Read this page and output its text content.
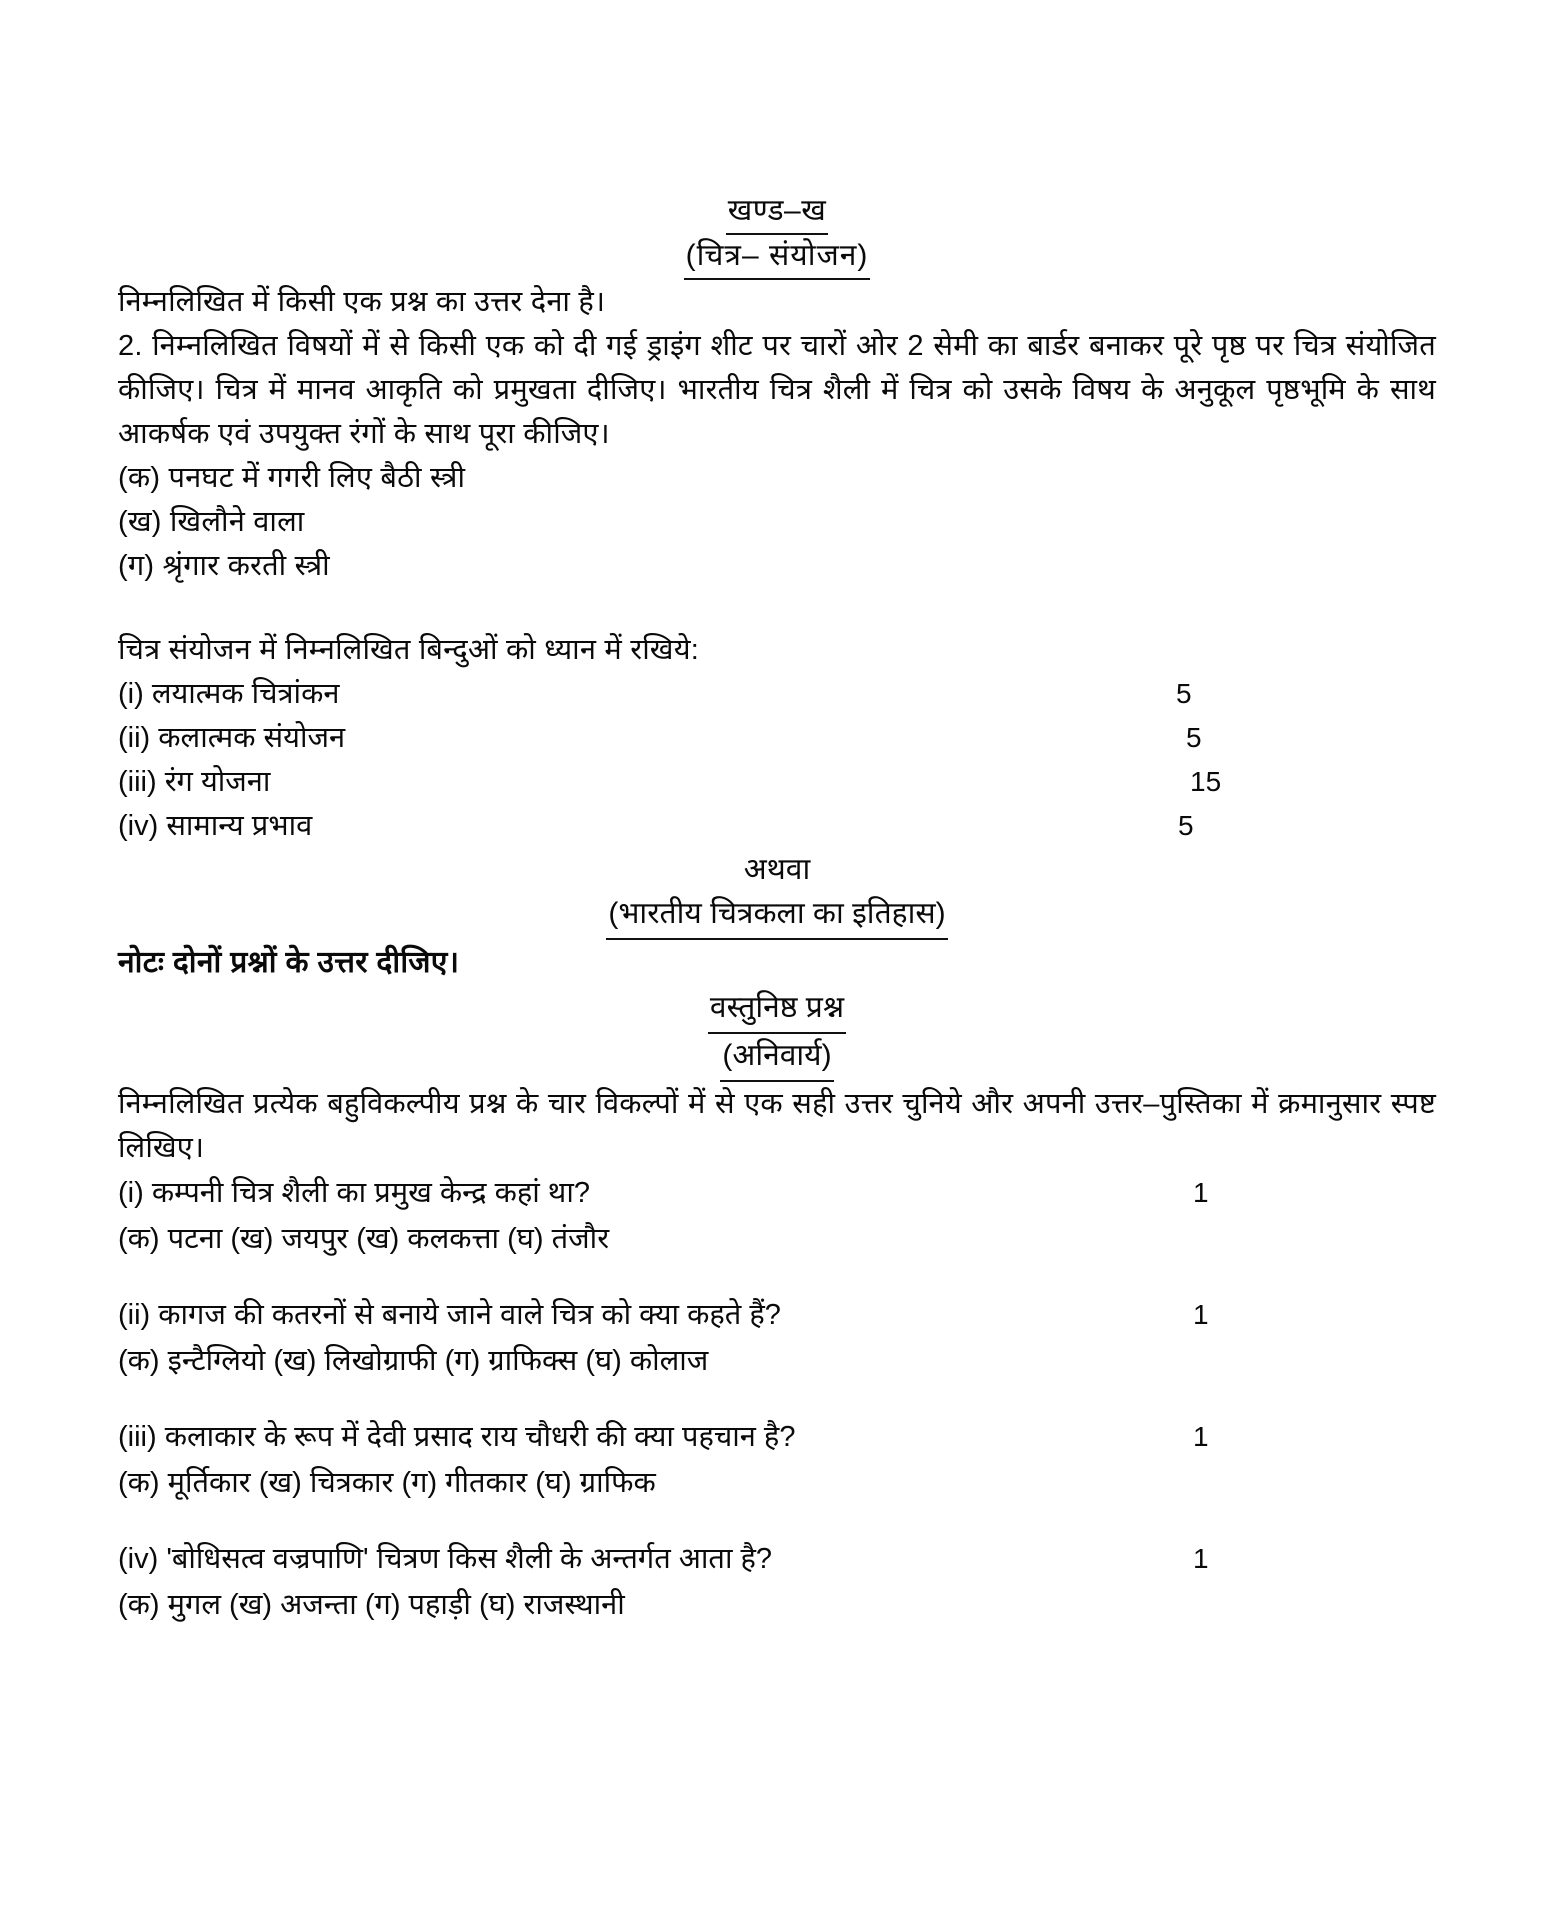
खण्ड–ख
(चित्र– संयोजन)
निम्नलिखित में किसी एक प्रश्न का उत्तर देना है।
2. निम्नलिखित विषयों में से किसी एक को दी गई ड्राइंग शीट पर चारों ओर 2 सेमी का बार्डर बनाकर पूरे पृष्ठ पर चित्र संयोजित कीजिए। चित्र में मानव आकृति को प्रमुखता दीजिए। भारतीय चित्र शैली में चित्र को उसके विषय के अनुकूल पृष्ठभूमि के साथ आकर्षक एवं उपयुक्त रंगों के साथ पूरा कीजिए।
(क) पनघट में गगरी लिए बैठी स्त्री
(ख) खिलौने वाला
(ग) श्रृंगार करती स्त्री
चित्र संयोजन में निम्नलिखित बिन्दुओं को ध्यान में रखिये:
(i) लयात्मक चित्रांकन	5
(ii) कलात्मक संयोजन	5
(iii) रंग योजना	15
(iv) सामान्य प्रभाव	5
अथवा
(भारतीय चित्रकला का इतिहास)
नोटः दोनों प्रश्नों के उत्तर दीजिए।
वस्तुनिष्ठ प्रश्न
(अनिवार्य)
निम्नलिखित प्रत्येक बहुविकल्पीय प्रश्न के चार विकल्पों में से एक सही उत्तर चुनिये और अपनी उत्तर–पुस्तिका में क्रमानुसार स्पष्ट लिखिए।
(i) कम्पनी चित्र शैली का प्रमुख केन्द्र कहां था?	1
(क) पटना (ख) जयपुर (ख) कलकत्ता (घ) तंजौर
(ii) कागज की कतरनों से बनाये जाने वाले चित्र को क्या कहते हैं?	1
(क) इन्टैग्लियो (ख) लिखोग्राफी (ग) ग्राफिक्स (घ) कोलाज
(iii) कलाकार के रूप में देवी प्रसाद राय चौधरी की क्या पहचान है?	1
(क) मूर्तिकार (ख) चित्रकार (ग) गीतकार (घ) ग्राफिक
(iv) 'बोधिसत्व वज्रपाणि' चित्रण किस शैली के अन्तर्गत आता है?	1
(क) मुगल (ख) अजन्ता (ग) पहाड़ी (घ) राजस्थानी
